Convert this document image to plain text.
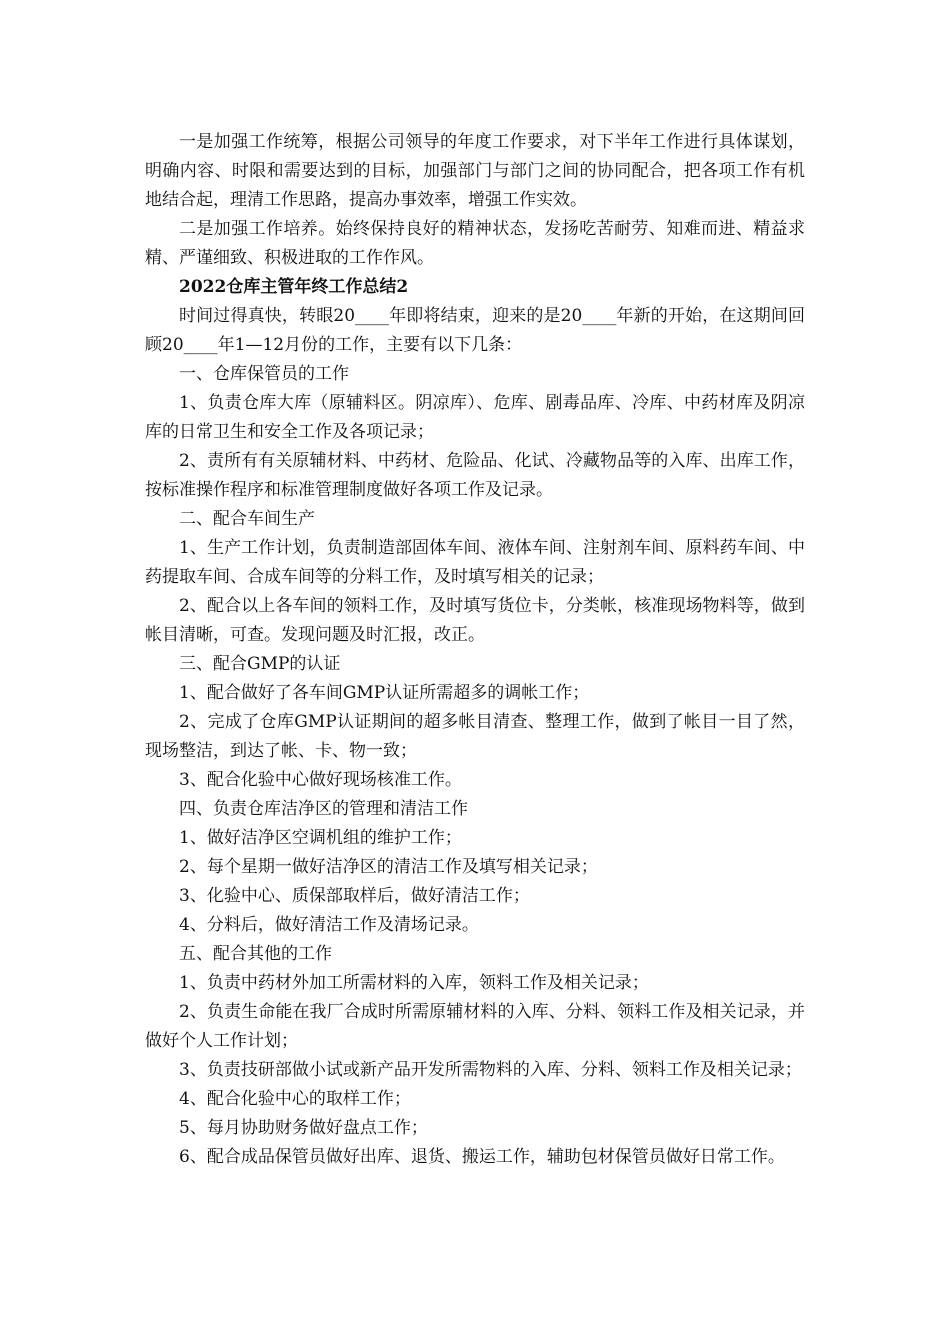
一是加强工作统筹，根据公司领导的年度工作要求，对下半年工作进行具体谋划，明确内容、时限和需要达到的目标，加强部门与部门之间的协同配合，把各项工作有机地结合起，理清工作思路，提高办事效率，增强工作实效。

二是加强工作培养。始终保持良好的精神状态，发扬吃苦耐劳、知难而进、精益求精、严谨细致、积极进取的工作作风。

2022仓库主管年终工作总结2

时间过得真快，转眼20____年即将结束，迎来的是20____年新的开始，在这期间回顾20____年1—12月份的工作，主要有以下几条：

一、仓库保管员的工作

1、负责仓库大库（原辅料区。阴凉库）、危库、剧毒品库、冷库、中药材库及阴凉库的日常卫生和安全工作及各项记录；

2、责所有有关原辅材料、中药材、危险品、化试、冷藏物品等的入库、出库工作，按标准操作程序和标准管理制度做好各项工作及记录。

二、配合车间生产

1、生产工作计划，负责制造部固体车间、液体车间、注射剂车间、原料药车间、中药提取车间、合成车间等的分料工作，及时填写相关的记录；

2、配合以上各车间的领料工作，及时填写货位卡，分类帐，核准现场物料等，做到帐目清晰，可查。发现问题及时汇报，改正。

三、配合GMP的认证

1、配合做好了各车间GMP认证所需超多的调帐工作；

2、完成了仓库GMP认证期间的超多帐目清查、整理工作，做到了帐目一目了然，现场整洁，到达了帐、卡、物一致；

3、配合化验中心做好现场核准工作。

四、负责仓库洁净区的管理和清洁工作

1、做好洁净区空调机组的维护工作；

2、每个星期一做好洁净区的清洁工作及填写相关记录；

3、化验中心、质保部取样后，做好清洁工作；

4、分料后，做好清洁工作及清场记录。

五、配合其他的工作

1、负责中药材外加工所需材料的入库，领料工作及相关记录；

2、负责生命能在我厂合成时所需原辅材料的入库、分料、领料工作及相关记录，并做好个人工作计划；

3、负责技研部做小试或新产品开发所需物料的入库、分料、领料工作及相关记录；

4、配合化验中心的取样工作；

5、每月协助财务做好盘点工作；

6、配合成品保管员做好出库、退货、搬运工作，辅助包材保管员做好日常工作。
